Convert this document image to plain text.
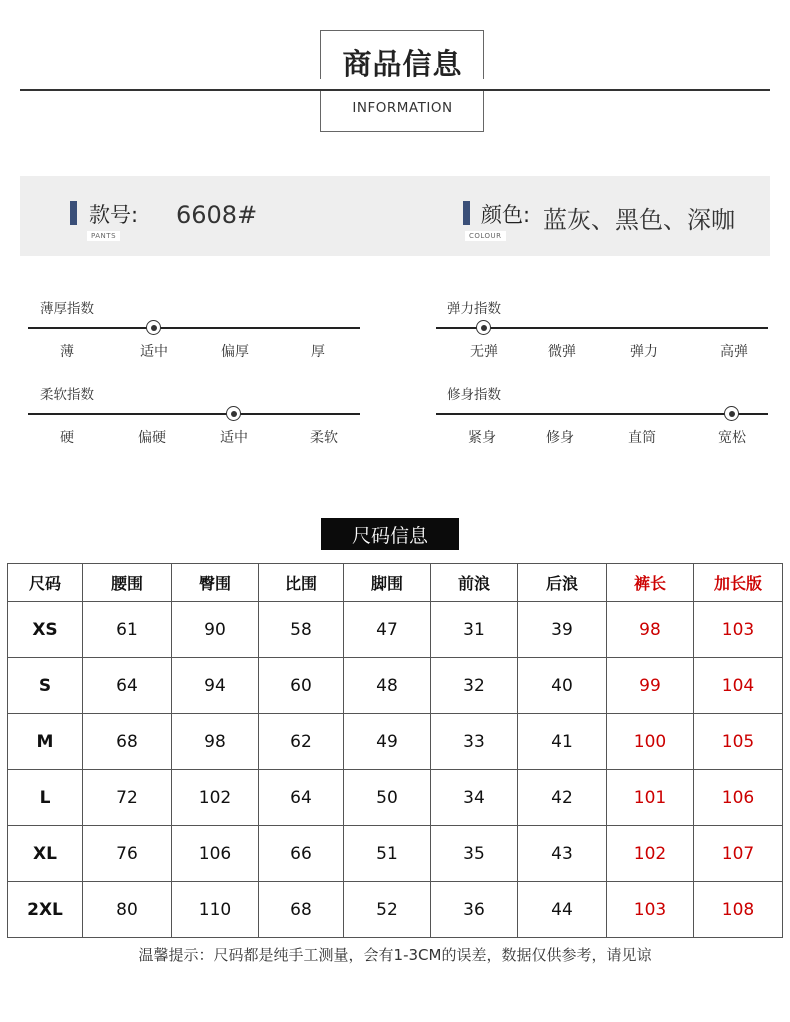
商品信息
INFORMATION
款号:
PANTS
6608#	颜色:
COLOUR
蓝灰、黑色、深咖
薄厚指数
薄	适中	偏厚	厚
弹力指数
无弹	微弹	弹力	高弹
柔软指数
硬	偏硬	适中	柔软
修身指数
紧身	修身	直筒	宽松
尺码信息
尺码	腰围	臀围	比围	脚围	前浪	后浪	裤长	加长版
XS	61	90	58	47	31	39	98	103
S	64	94	60	48	32	40	99	104
M	68	98	62	49	33	41	100	105
L	72	102	64	50	34	42	101	106
XL	76	106	66	51	35	43	102	107
2XL	80	110	68	52	36	44	103	108
温馨提示：尺码都是纯手工测量，会有1-3CM的误差，数据仅供参考，请见谅
